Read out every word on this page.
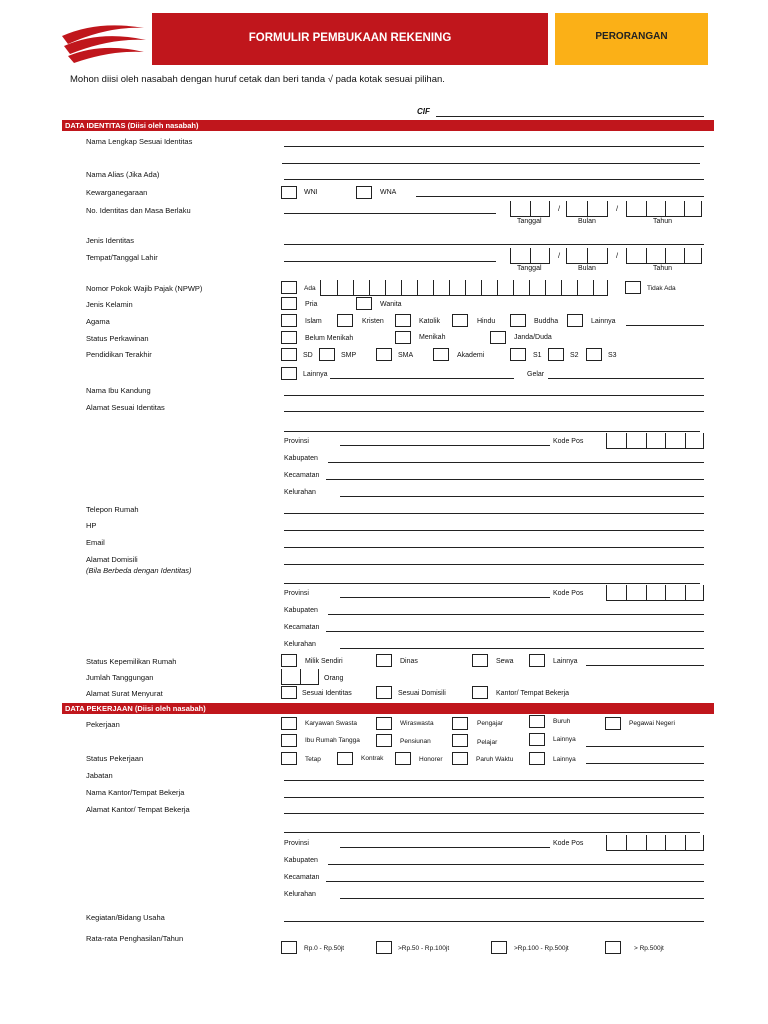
FORMULIR PEMBUKAAN REKENING	PERORANGAN
Mohon diisi oleh nasabah dengan huruf cetak dan beri tanda √ pada kotak sesuai pilihan.
CIF
DATA IDENTITAS (Diisi oleh nasabah)
Nama Lengkap Sesuai Identitas
Nama Alias (Jika Ada)
Kewarganegaraan	WNI	WNA
No. Identitas dan Masa Berlaku	/	/
Tanggal	Bulan	Tahun
Jenis Identitas
Tempat/Tanggal Lahir	/	/
Tanggal	Bulan	Tahun
Nomor Pokok Wajib Pajak (NPWP)	Ada	Tidak Ada
Jenis Kelamin	Pria	Wanita
Agama	Islam	Kristen	Katolik	Hindu	Buddha	Lainnya
Status Perkawinan	Belum Menikah	Menikah	Janda/Duda
Pendidikan Terakhir	SD	SMP	SMA	Akademi	S1	S2	S3
Lainnya	Gelar
Nama Ibu Kandung
Alamat Sesuai Identitas
Provinsi	Kode Pos
Kabupaten
Kecamatan
Kelurahan
Telepon Rumah
HP
Email
Alamat Domisili
(Bila Berbeda dengan Identitas)
Provinsi	Kode Pos
Kabupaten
Kecamatan
Kelurahan
Status Kepemilikan Rumah	Milik Sendiri	Dinas	Sewa	Lainnya
Jumlah Tanggungan	Orang
Alamat Surat Menyurat	Sesuai Identitas	Sesuai Domisili	Kantor/ Tempat Bekerja
DATA PEKERJAAN (Diisi oleh nasabah)
Pekerjaan	Karyawan Swasta	Wiraswasta	Pengajar	Buruh	Pegawai Negeri
Ibu Rumah Tangga	Pensiunan	Pelajar	Lainnya
Status Pekerjaan	Tetap	Kontrak	Honorer	Paruh Waktu	Lainnya
Jabatan
Nama Kantor/Tempat Bekerja
Alamat Kantor/ Tempat Bekerja
Provinsi	Kode Pos
Kabupaten
Kecamatan
Kelurahan
Kegiatan/Bidang Usaha
Rata-rata Penghasilan/Tahun
Rp.0 - Rp.50jt	>Rp.50 - Rp.100jt	>Rp.100 - Rp.500jt	> Rp.500jt
